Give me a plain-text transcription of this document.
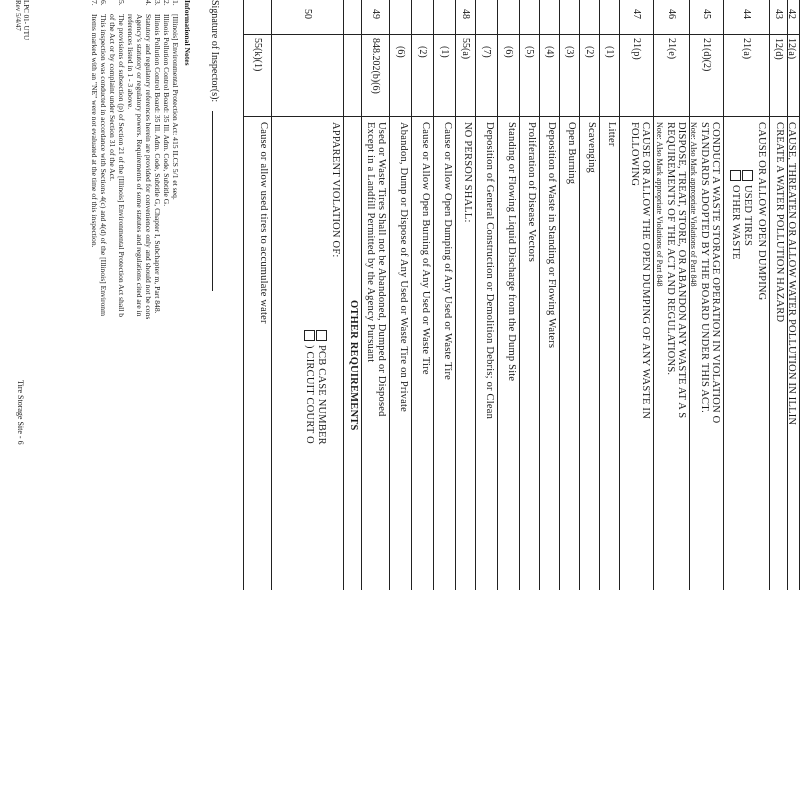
42
12(a)
CAUSE, THREATEN OR ALLOW WATER POLLUTION IN ILLIN
43
12(d)
CREATE A WATER POLLUTION HAZARD
44
21(a)
CAUSE OR ALLOW OPEN DUMPING
USED TIRES
OTHER WASTE
45
21(d)(2)
CONDUCT A WASTE STORAGE OPERATION IN VIOLATION O
STANDARDS ADOPTED BY THE BOARD UNDER THIS ACT.
Note: Also Mark appropriate Violations of Part 848
46
21(e)
DISPOSE, TREAT, STORE, OR ABANDON ANY WASTE AT A S
REQUIREMENTS OF THE ACT AND REGULATIONS.
Note: Also Mark appropriate Violations of Part 848
47
21(p)
CAUSE OR ALLOW THE OPEN DUMPING OF ANY WASTE IN
FOLLOWING
(1)
Litter
(2)
Scavenging
(3)
Open Burning
(4)
Deposition of Waste in Standing or Flowing Waters
(5)
Proliferation of Disease Vectors
(6)
Standing or Flowing Liquid Discharge from the Dump Site
(7)
Deposition of General Construction or Demolition Debris; or Clean
48
55(a)
NO PERSON SHALL:
(1)
Cause or Allow Open Dumping of Any Used or Waste Tire
(2)
Cause or Allow Open Burning of Any Used or Waste Tire
(6)
Abandon, Dump or Dispose of Any Used or Waste Tire on Private
49
848.202(b)(6)
Used or Waste Tires Shall not be Abandoned, Dumped or Disposed
Except in a Landfill Permitted by the Agency Pursuant
OTHER REQUIREMENTS
50
APPARENT VIOLATION OF:
PCB CASE NUMBER
) CIRCUIT COURT O
55(k)(1)
Cause or allow used tires to accumulate water
Signature of Inspector(s):
Informational Notes
1.[Illinois] Environmental Protection Act: 415 ILCS 5/1 et seq.
2.Illinois Pollution Control Board: 35 Ill. Adm. Code, Subtitle G.
3.Illinois Pollution Control Board: 35 Ill. Adm. Code, Subtitle G, Chapter I, Subchapter m, Part 848.
4.Statutory and regulatory references herein are provided for convenience only and should not be cons
Agency's statutory or regulatory powers. Requirements of some statutes and regulations cited are in
references listed in 1 - 3 above.
5.The provisions of subsection (p) of Section 21 of the [Illinois] Environmental Protection Act shall b
of the Act or by complaint under Section 31 of the Act.
6.This inspection was conducted in accordance with Sections 4(c) and 4(d) of the [Illinois] Environm
7.Items marked with an "NE" were not evaluated at the time of this inspection.
LPC 01- UTU
Rev 5/4/47
Tire Storage Site - 6
